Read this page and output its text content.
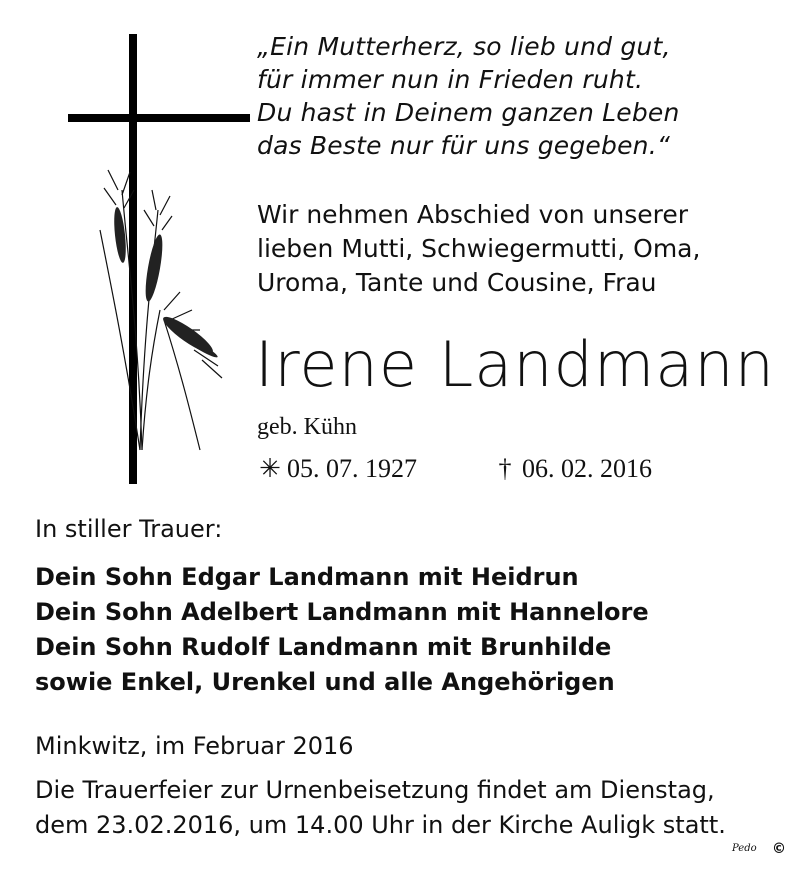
„Ein Mutterherz, so lieb und gut,
für immer nun in Frieden ruht.
Du hast in Deinem ganzen Leben
das Beste nur für uns gegeben.“
Wir nehmen Abschied von unserer
lieben Mutti, Schwiegermutti, Oma,
Uroma, Tante und Cousine, Frau
Irene Landmann
geb. Kühn
✳ 05. 07. 1927	† 06. 02. 2016
In stiller Trauer:
Dein Sohn Edgar Landmann mit Heidrun
Dein Sohn Adelbert Landmann mit Hannelore
Dein Sohn Rudolf Landmann mit Brunhilde
sowie Enkel, Urenkel und alle Angehörigen
Minkwitz, im Februar 2016
Die Trauerfeier zur Urnenbeisetzung findet am Dienstag,
dem 23.02.2016, um 14.00 Uhr in der Kirche Auligk statt.
Pedo ©
